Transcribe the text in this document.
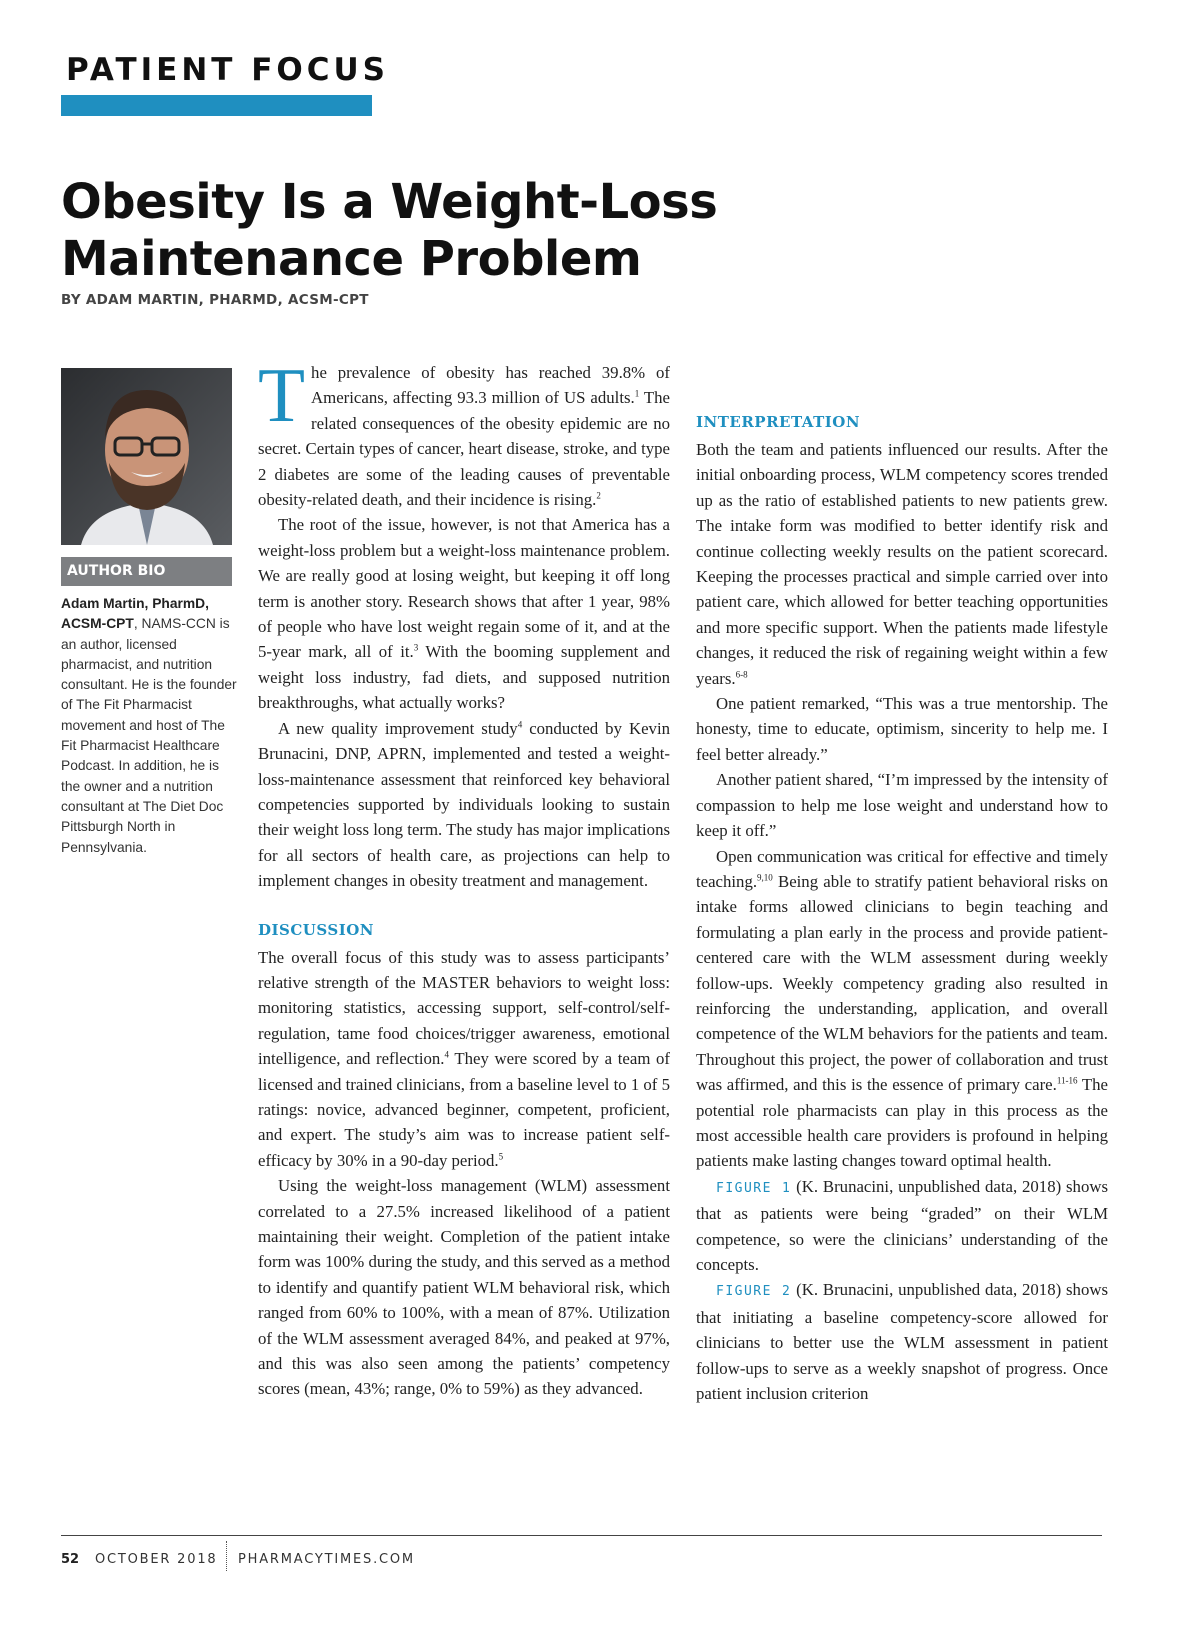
PATIENT FOCUS
Obesity Is a Weight-Loss Maintenance Problem
BY ADAM MARTIN, PHARMD, ACSM-CPT
AUTHOR BIO

Adam Martin, PharmD, ACSM-CPT, NAMS-CCN is an author, licensed pharmacist, and nutrition consultant. He is the founder of The Fit Pharmacist movement and host of The Fit Pharmacist Healthcare Podcast. In addition, he is the owner and a nutrition consultant at The Diet Doc Pittsburgh North in Pennsylvania.

The prevalence of obesity has reached 39.8% of Americans, affecting 93.3 million of US adults.$^1$ The related consequences of the obesity epidemic are no secret. Certain types of cancer, heart disease, stroke, and type 2 diabetes are some of the leading causes of preventable obesity-related death, and their incidence is rising.$^2$

The root of the issue, however, is not that America has a weight-loss problem but a weight-loss maintenance problem. We are really good at losing weight, but keeping it off long term is another story. Research shows that after 1 year, 98% of people who have lost weight regain some of it, and at the 5-year mark, all of it.$^3$ With the booming supplement and weight loss industry, fad diets, and supposed nutrition breakthroughs, what actually works?

A new quality improvement study$^4$ conducted by Kevin Brunacini, DNP, APRN, implemented and tested a weight-loss-maintenance assessment that reinforced key behavioral competencies supported by individuals looking to sustain their weight loss long term. The study has major implications for all sectors of health care, as projections can help to implement changes in obesity treatment and management.

DISCUSSION

The overall focus of this study was to assess participants’ relative strength of the MASTER behaviors to weight loss: monitoring statistics, accessing support, self-control/self-regulation, tame food choices/trigger awareness, emotional intelligence, and reflection.$^4$ They were scored by a team of licensed and trained clinicians, from a baseline level to 1 of 5 ratings: novice, advanced beginner, competent, proficient, and expert. The study’s aim was to increase patient self-efficacy by 30% in a 90-day period.$^5$

Using the weight-loss management (WLM) assessment correlated to a 27.5% increased likelihood of a patient maintaining their weight. Completion of the patient intake form was 100% during the study, and this served as a method to identify and quantify patient WLM behavioral risk, which ranged from 60% to 100%, with a mean of 87%. Utilization of the WLM assessment averaged 84%, and peaked at 97%, and this was also seen among the patients’ competency scores (mean, 43%; range, 0% to 59%) as they advanced.

INTERPRETATION

Both the team and patients influenced our results. After the initial onboarding process, WLM competency scores trended up as the ratio of established patients to new patients grew. The intake form was modified to better identify risk and continue collecting weekly results on the patient scorecard. Keeping the processes practical and simple carried over into patient care, which allowed for better teaching opportunities and more specific support. When the patients made lifestyle changes, it reduced the risk of regaining weight within a few years.$^{6-8}$

One patient remarked, “This was a true mentorship. The honesty, time to educate, optimism, sincerity to help me. I feel better already.”

Another patient shared, “I’m impressed by the intensity of compassion to help me lose weight and understand how to keep it off.”

Open communication was critical for effective and timely teaching.$^{9,10}$ Being able to stratify patient behavioral risks on intake forms allowed clinicians to begin teaching and formulating a plan early in the process and provide patient-centered care with the WLM assessment during weekly follow-ups. Weekly competency grading also resulted in reinforcing the understanding, application, and overall competence of the WLM behaviors for the patients and team. Throughout this project, the power of collaboration and trust was affirmed, and this is the essence of primary care.$^{11-16}$ The potential role pharmacists can play in this process as the most accessible health care providers is profound in helping patients make lasting changes toward optimal health.

FIGURE 1 (K. Brunacini, unpublished data, 2018) shows that as patients were being “graded” on their WLM competence, so were the clinicians’ understanding of the concepts.

FIGURE 2 (K. Brunacini, unpublished data, 2018) shows that initiating a baseline competency-score allowed for clinicians to better use the WLM assessment in patient follow-ups to serve as a weekly snapshot of progress. Once patient inclusion criterion

52 OCTOBER 2018 PHARMACYTIMES.COM
